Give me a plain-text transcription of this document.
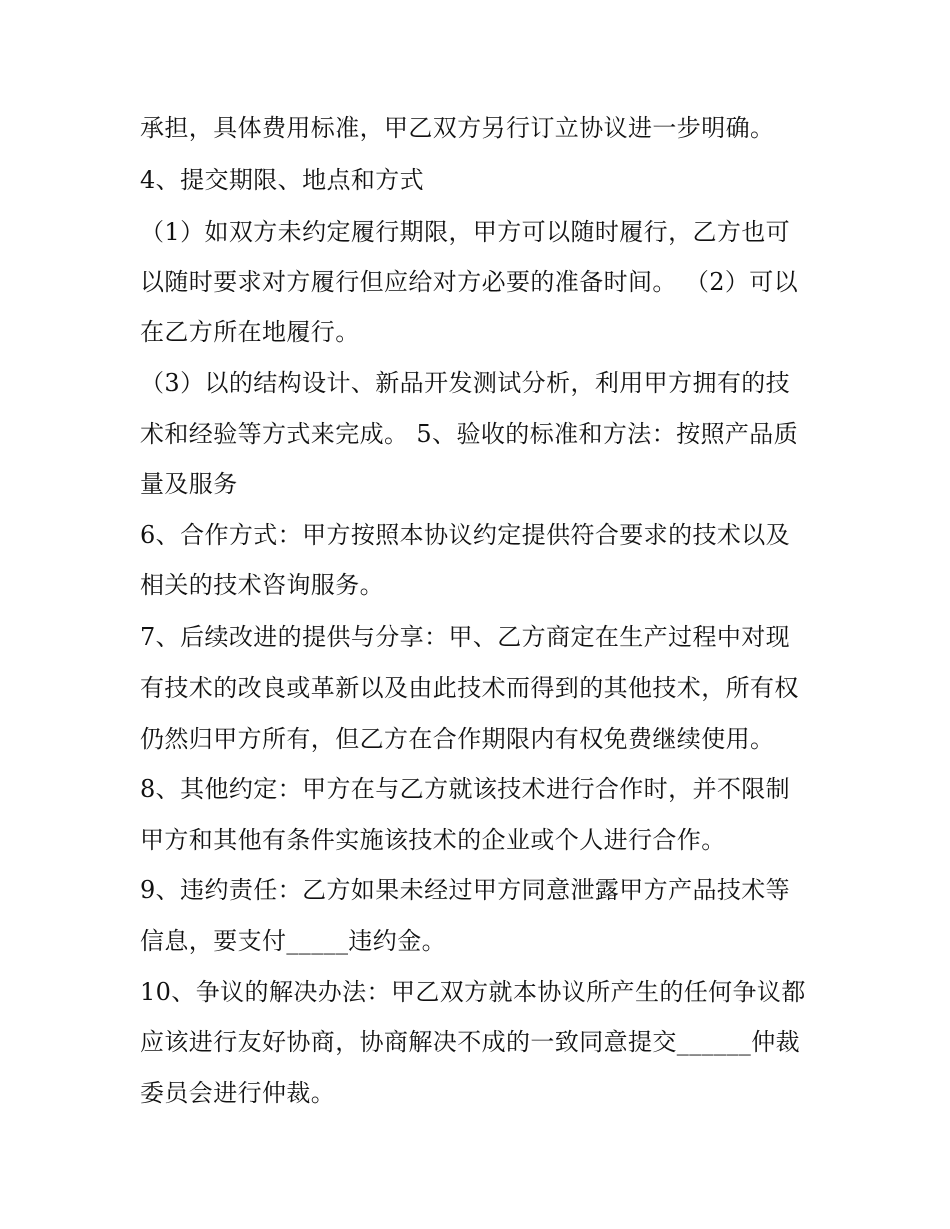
承担，具体费用标准，甲乙双方另行订立协议进一步明确。
4、提交期限、地点和方式
（1）如双方未约定履行期限，甲方可以随时履行，乙方也可
以随时要求对方履行但应给对方必要的准备时间。 （2）可以
在乙方所在地履行。
（3）以的结构设计、新品开发测试分析，利用甲方拥有的技
术和经验等方式来完成。 5、验收的标准和方法：按照产品质
量及服务
6、合作方式：甲方按照本协议约定提供符合要求的技术以及
相关的技术咨询服务。
7、后续改进的提供与分享：甲、乙方商定在生产过程中对现
有技术的改良或革新以及由此技术而得到的其他技术，所有权
仍然归甲方所有，但乙方在合作期限内有权免费继续使用。
8、其他约定：甲方在与乙方就该技术进行合作时，并不限制
甲方和其他有条件实施该技术的企业或个人进行合作。
9、违约责任：乙方如果未经过甲方同意泄露甲方产品技术等
信息，要支付_____违约金。
10、争议的解决办法：甲乙双方就本协议所产生的任何争议都
应该进行友好协商，协商解决不成的一致同意提交______仲裁
委员会进行仲裁。
